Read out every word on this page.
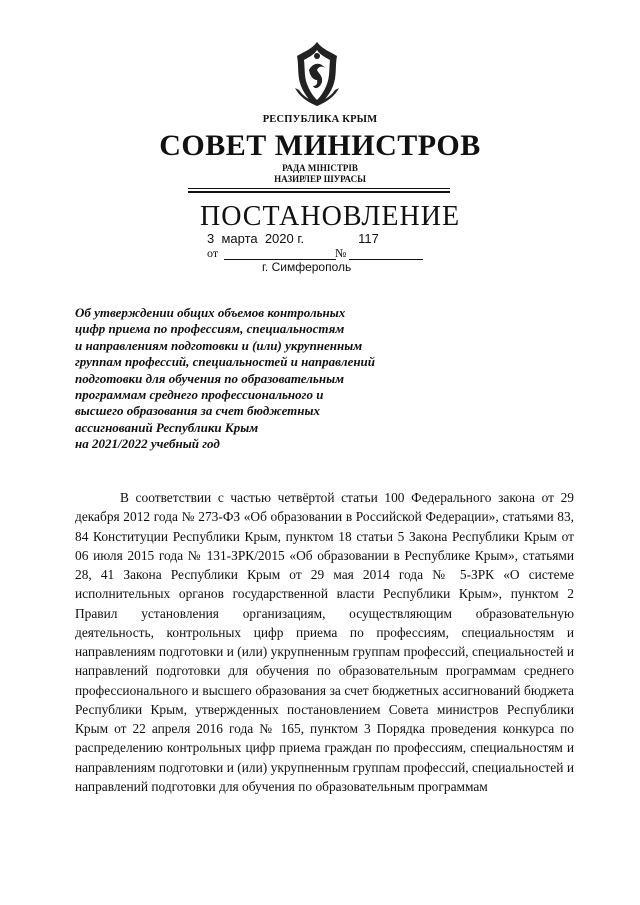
РЕСПУБЛИКА КРЫМ
СОВЕТ МИНИСТРОВ
РАДА МІНІСТРІВ
НАЗИРЛЕР ШУРАСЫ
ПОСТАНОВЛЕНИЕ
3  марта  2020 г.	117
от	№
г. Симферополь
Об утверждении общих объемов контрольных
цифр приема по профессиям, специальностям
и направлениям подготовки и (или) укрупненным
группам профессий, специальностей и направлений
подготовки для обучения по образовательным
программам среднего профессионального и
высшего образования за счет бюджетных
ассигнований Республики Крым
на 2021/2022 учебный год

В соответствии с частью четвёртой статьи 100 Федерального закона от 29 декабря 2012 года № 273-ФЗ «Об образовании в Российской Федерации», статьями 83, 84 Конституции Республики Крым, пунктом 18 статьи 5 Закона Республики Крым от 06 июля 2015 года № 131-ЗРК/2015 «Об образовании в Республике Крым», статьями 28, 41 Закона Республики Крым от 29 мая 2014 года № 5-ЗРК «О системе исполнительных органов государственной власти Республики Крым», пунктом 2 Правил установления организациям, осуществляющим образовательную деятельность, контрольных цифр приема по профессиям, специальностям и направлениям подготовки и (или) укрупненным группам профессий, специальностей и направлений подготовки для обучения по образовательным программам среднего профессионального и высшего образования за счет бюджетных ассигнований бюджета Республики Крым, утвержденных постановлением Совета министров Республики Крым от 22 апреля 2016 года № 165, пунктом 3 Порядка проведения конкурса по распределению контрольных цифр приема граждан по профессиям, специальностям и направлениям подготовки и (или) укрупненным группам профессий, специальностей и направлений подготовки для обучения по образовательным программам
